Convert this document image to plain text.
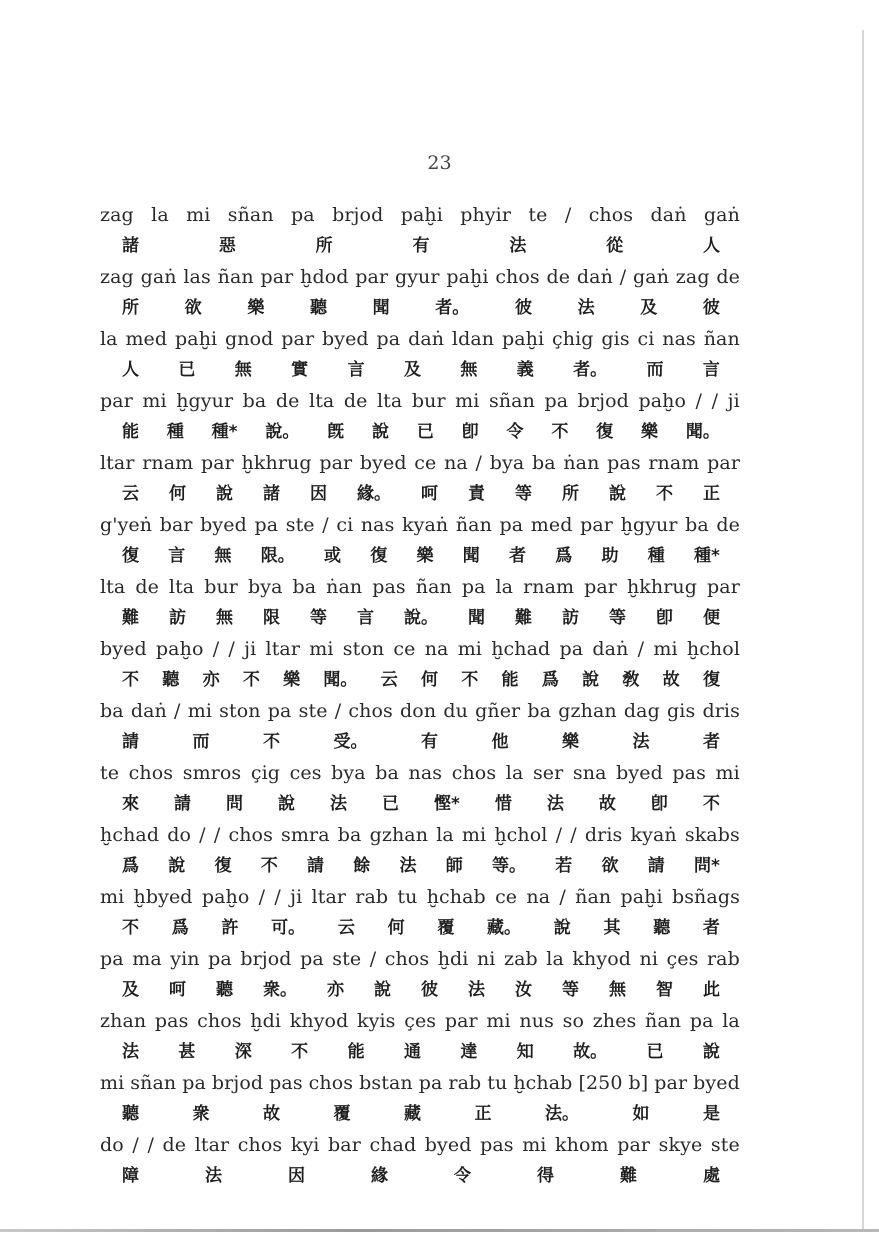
23
zag la mi sñan pa brjod paḫi phyir te / chos daṅ gaṅ
諸	惡	所	有	法	從	人
zag gaṅ las ñan par ḫdod par gyur paḫi chos de daṅ / gaṅ zag de
所	欲	樂	聽	聞	者。	彼	法	及	彼
la med paḫi gnod par byed pa daṅ ldan paḫi çhig gis ci nas ñan
人 已 無 實 言 及 無 義 者。 而 言
par mi ḫgyur ba de lta de lta bur mi sñan pa brjod paḫo / / ji
能 種 種* 說。 旣 說 已 卽 令 不 復 樂 聞。
ltar rnam par ḫkhrug par byed ce na / bya ba ṅan pas rnam par
云 何 說 諸 因 緣。 呵 責 等 所 說 不 正
g'yeṅ bar byed pa ste / ci nas kyaṅ ñan pa med par ḫgyur ba de
復 言 無 限。 或 復 樂 聞 者 爲 助 種 種*
lta de lta bur bya ba ṅan pas ñan pa la rnam par ḫkhrug par
難 訪 無 限 等 言 說。 聞 難 訪 等 卽 便
byed paḫo / / ji ltar mi ston ce na mi ḫchad pa daṅ / mi ḫchol
不 聽 亦 不 樂 聞。 云 何 不 能 爲 說 敎 故 復
ba daṅ / mi ston pa ste / chos don du gñer ba gzhan dag gis dris
請	而	不	受。	有	他	樂	法	者
te chos smros çig ces bya ba nas chos la ser sna byed pas mi
來 請 問 說 法 已 慳* 惜 法 故 卽 不
ḫchad do / / chos smra ba gzhan la mi ḫchol / / dris kyaṅ skabs
爲 說 復 不 請 餘 法 師 等。 若 欲 請 問*
mi ḫbyed paḫo / / ji ltar rab tu ḫchab ce na / ñan paḫi bsñags
不 爲 許 可。 云 何 覆 藏。 說 其 聽 者
pa ma yin pa brjod pa ste / chos ḫdi ni zab la khyod ni çes rab
及 呵 聽 衆。 亦 說 彼 法 汝 等 無 智 此
zhan pas chos ḫdi khyod kyis çes par mi nus so zhes ñan pa la
法 甚 深 不 能 通 達 知 故。 已 說
mi sñan pa brjod pas chos bstan pa rab tu ḫchab [250 b] par byed
聽	衆	故	覆	藏	正	法。	如	是
do / / de ltar chos kyi bar chad byed pas mi khom par skye ste
障	法	因	緣	令	得	難	處
